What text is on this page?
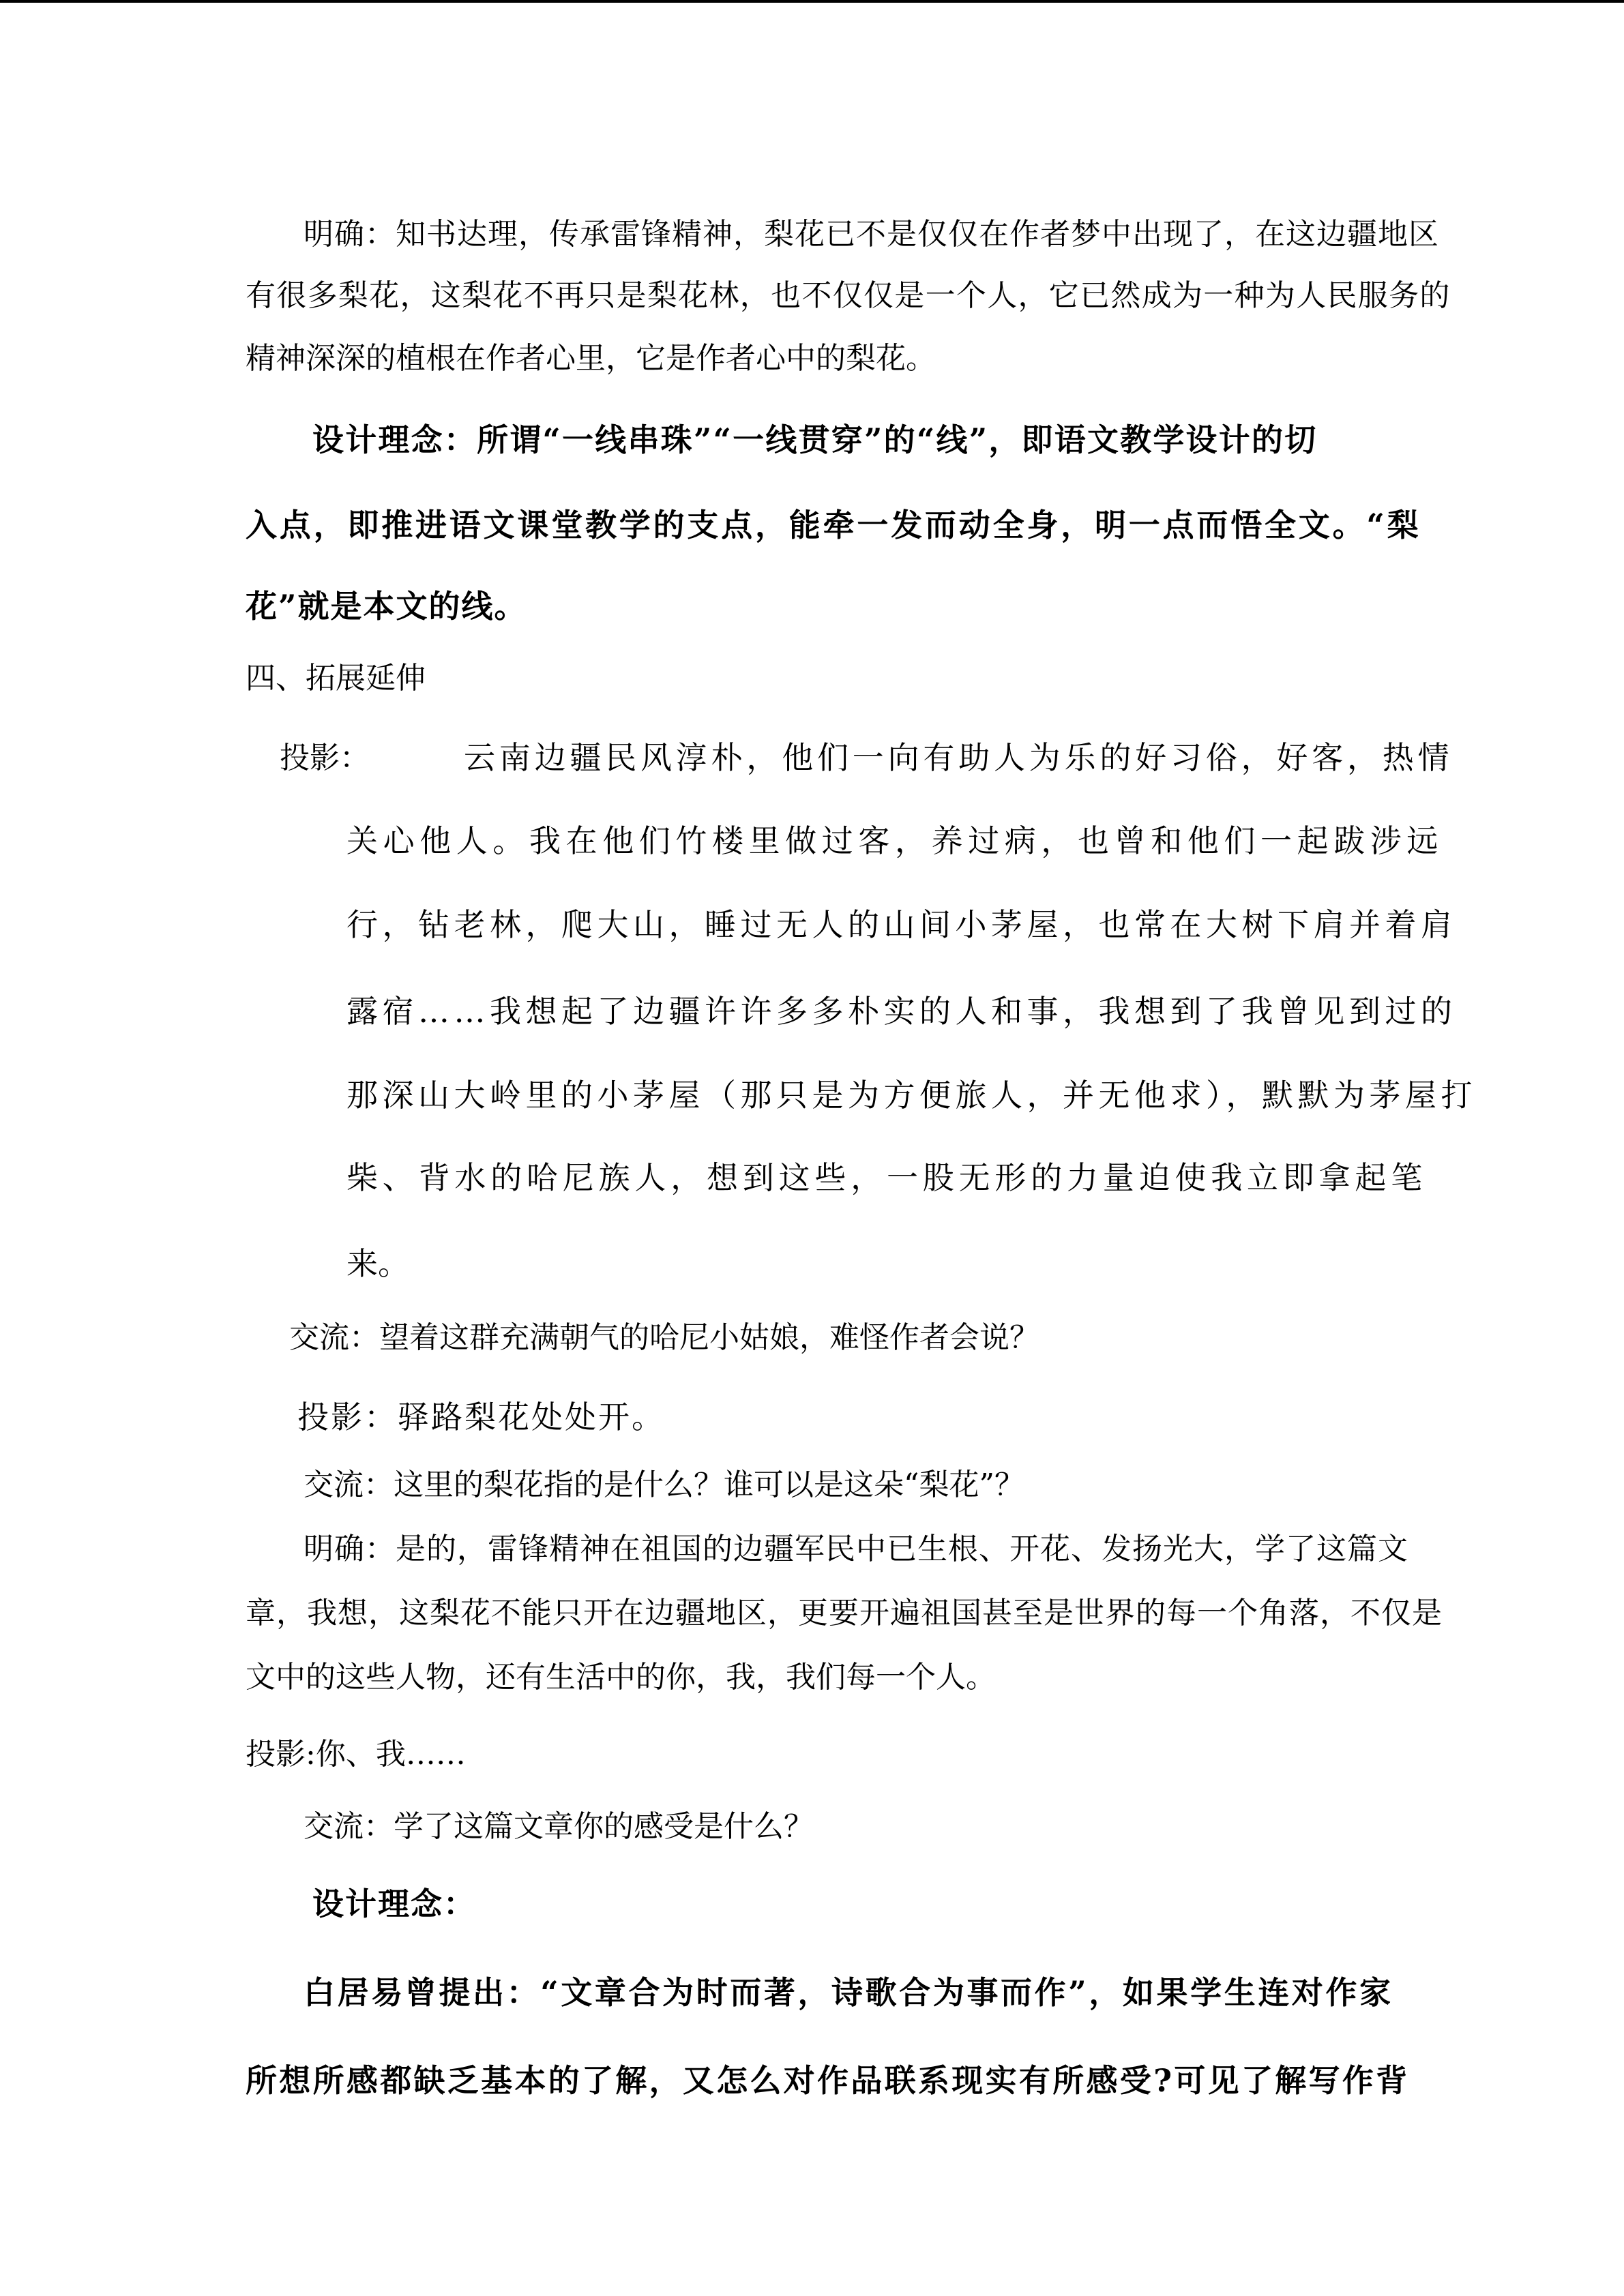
明确：知书达理，传承雷锋精神，梨花已不是仅仅在作者梦中出现了，在这边疆地区
有很多梨花，这梨花不再只是梨花林，也不仅仅是一个人，它已然成为一种为人民服务的
精神深深的植根在作者心里，它是作者心中的梨花。
设计理念：所谓“一线串珠”“一线贯穿”的“线”，即语文教学设计的切
入点，即推进语文课堂教学的支点，能牵一发而动全身，明一点而悟全文。“梨
花”就是本文的线。
四、拓展延伸
投影：	云南边疆民风淳朴，他们一向有助人为乐的好习俗，好客，热情
关心他人。我在他们竹楼里做过客，养过病，也曾和他们一起跋涉远
行，钻老林，爬大山，睡过无人的山间小茅屋，也常在大树下肩并着肩
露宿……我想起了边疆许许多多朴实的人和事，我想到了我曾见到过的
那深山大岭里的小茅屋（那只是为方便旅人，并无他求），默默为茅屋打
柴、背水的哈尼族人，想到这些，一股无形的力量迫使我立即拿起笔
来。
交流：望着这群充满朝气的哈尼小姑娘，难怪作者会说？
投影：驿路梨花处处开。
交流：这里的梨花指的是什么？谁可以是这朵“梨花”？
明确：是的，雷锋精神在祖国的边疆军民中已生根、开花、发扬光大，学了这篇文
章，我想，这梨花不能只开在边疆地区，更要开遍祖国甚至是世界的每一个角落，不仅是
文中的这些人物，还有生活中的你，我，我们每一个人。
投影:你、我……
交流：学了这篇文章你的感受是什么？
设计理念：
白居易曾提出：“文章合为时而著，诗歌合为事而作”，如果学生连对作家
所想所感都缺乏基本的了解，又怎么对作品联系现实有所感受?可见了解写作背
